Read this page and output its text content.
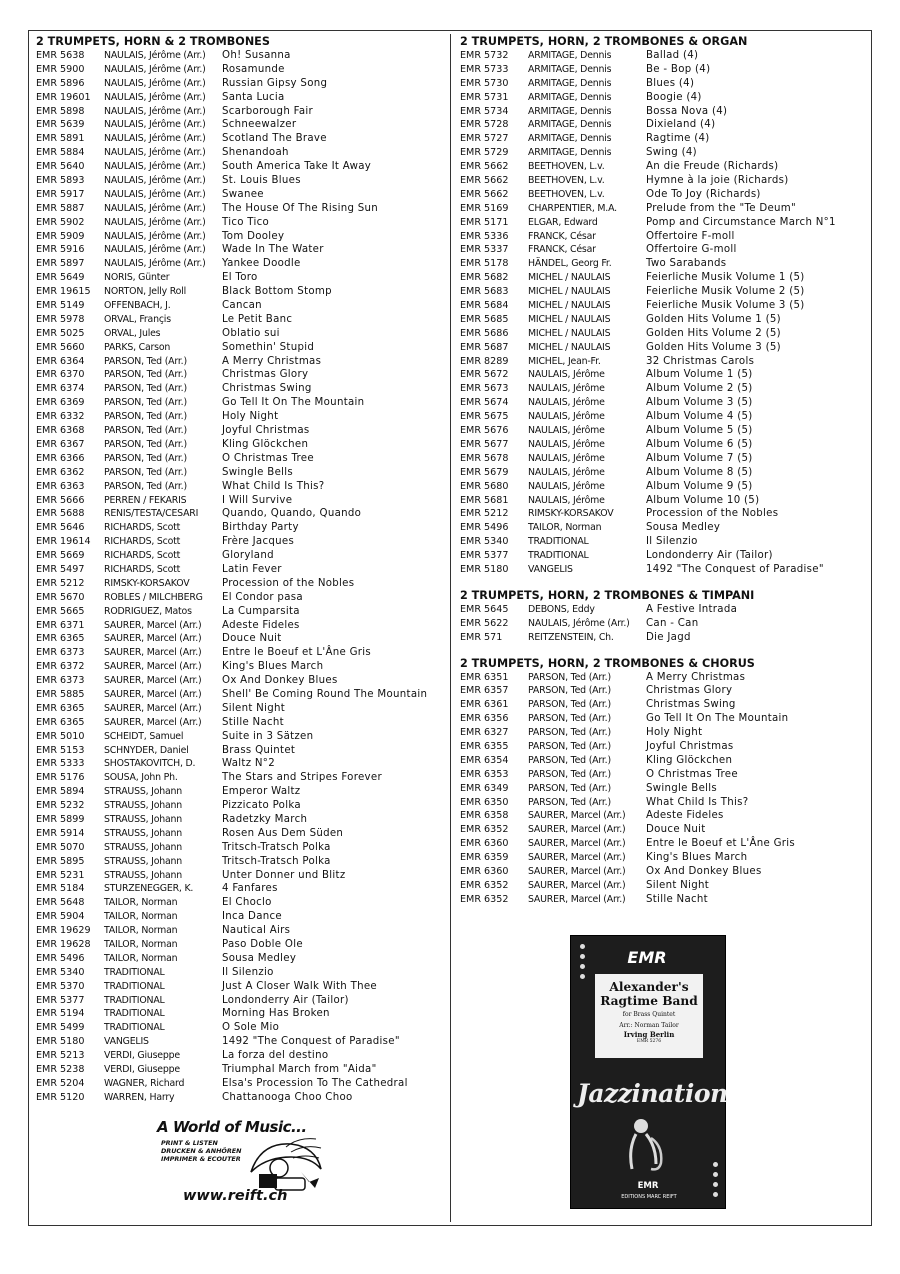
2 TRUMPETS, HORN & 2 TROMBONES
EMR 5638	NAULAIS, Jérôme (Arr.)	Oh! Susanna
EMR 5900	NAULAIS, Jérôme (Arr.)	Rosamunde
EMR 5896	NAULAIS, Jérôme (Arr.)	Russian Gipsy Song
EMR 19601	NAULAIS, Jérôme (Arr.)	Santa Lucia
EMR 5898	NAULAIS, Jérôme (Arr.)	Scarborough Fair
EMR 5639	NAULAIS, Jérôme (Arr.)	Schneewalzer
EMR 5891	NAULAIS, Jérôme (Arr.)	Scotland The Brave
EMR 5884	NAULAIS, Jérôme (Arr.)	Shenandoah
EMR 5640	NAULAIS, Jérôme (Arr.)	South America Take It Away
EMR 5893	NAULAIS, Jérôme (Arr.)	St. Louis Blues
EMR 5917	NAULAIS, Jérôme (Arr.)	Swanee
EMR 5887	NAULAIS, Jérôme (Arr.)	The House Of The Rising Sun
EMR 5902	NAULAIS, Jérôme (Arr.)	Tico Tico
EMR 5909	NAULAIS, Jérôme (Arr.)	Tom Dooley
EMR 5916	NAULAIS, Jérôme (Arr.)	Wade In The Water
EMR 5897	NAULAIS, Jérôme (Arr.)	Yankee Doodle
EMR 5649	NORIS, Günter	El Toro
EMR 19615	NORTON, Jelly Roll	Black Bottom Stomp
EMR 5149	OFFENBACH, J.	Cancan
EMR 5978	ORVAL, Françis	Le Petit Banc
EMR 5025	ORVAL, Jules	Oblatio sui
EMR 5660	PARKS, Carson	Somethin' Stupid
EMR 6364	PARSON, Ted (Arr.)	A Merry Christmas
EMR 6370	PARSON, Ted (Arr.)	Christmas Glory
EMR 6374	PARSON, Ted (Arr.)	Christmas Swing
EMR 6369	PARSON, Ted (Arr.)	Go Tell It On The Mountain
EMR 6332	PARSON, Ted (Arr.)	Holy Night
EMR 6368	PARSON, Ted (Arr.)	Joyful Christmas
EMR 6367	PARSON, Ted (Arr.)	Kling Glöckchen
EMR 6366	PARSON, Ted (Arr.)	O Christmas Tree
EMR 6362	PARSON, Ted (Arr.)	Swingle Bells
EMR 6363	PARSON, Ted (Arr.)	What Child Is This?
EMR 5666	PERREN / FEKARIS	I Will Survive
EMR 5688	RENIS/TESTA/CESARI	Quando, Quando, Quando
EMR 5646	RICHARDS, Scott	Birthday Party
EMR 19614	RICHARDS, Scott	Frère Jacques
EMR 5669	RICHARDS, Scott	Gloryland
EMR 5497	RICHARDS, Scott	Latin Fever
EMR 5212	RIMSKY-KORSAKOV	Procession of the Nobles
EMR 5670	ROBLES / MILCHBERG	El Condor pasa
EMR 5665	RODRIGUEZ, Matos	La Cumparsita
EMR 6371	SAURER, Marcel (Arr.)	Adeste Fideles
EMR 6365	SAURER, Marcel (Arr.)	Douce Nuit
EMR 6373	SAURER, Marcel (Arr.)	Entre le Boeuf et L'Âne Gris
EMR 6372	SAURER, Marcel (Arr.)	King's Blues March
EMR 6373	SAURER, Marcel (Arr.)	Ox And Donkey Blues
EMR 5885	SAURER, Marcel (Arr.)	Shell' Be Coming Round The Mountain
EMR 6365	SAURER, Marcel (Arr.)	Silent Night
EMR 6365	SAURER, Marcel (Arr.)	Stille Nacht
EMR 5010	SCHEIDT, Samuel	Suite in 3 Sätzen
EMR 5153	SCHNYDER, Daniel	Brass Quintet
EMR 5333	SHOSTAKOVITCH, D.	Waltz N°2
EMR 5176	SOUSA, John Ph.	The Stars and Stripes Forever
EMR 5894	STRAUSS, Johann	Emperor Waltz
EMR 5232	STRAUSS, Johann	Pizzicato Polka
EMR 5899	STRAUSS, Johann	Radetzky March
EMR 5914	STRAUSS, Johann	Rosen Aus Dem Süden
EMR 5070	STRAUSS, Johann	Tritsch-Tratsch Polka
EMR 5895	STRAUSS, Johann	Tritsch-Tratsch Polka
EMR 5231	STRAUSS, Johann	Unter Donner und Blitz
EMR 5184	STURZENEGGER, K.	4 Fanfares
EMR 5648	TAILOR, Norman	El Choclo
EMR 5904	TAILOR, Norman	Inca Dance
EMR 19629	TAILOR, Norman	Nautical Airs
EMR 19628	TAILOR, Norman	Paso Doble Ole
EMR 5496	TAILOR, Norman	Sousa Medley
EMR 5340	TRADITIONAL	Il Silenzio
EMR 5370	TRADITIONAL	Just A Closer Walk With Thee
EMR 5377	TRADITIONAL	Londonderry Air (Tailor)
EMR 5194	TRADITIONAL	Morning Has Broken
EMR 5499	TRADITIONAL	O Sole Mio
EMR 5180	VANGELIS	1492 "The Conquest of Paradise"
EMR 5213	VERDI, Giuseppe	La forza del destino
EMR 5238	VERDI, Giuseppe	Triumphal March from "Aida"
EMR 5204	WAGNER, Richard	Elsa's Procession To The Cathedral
EMR 5120	WARREN, Harry	Chattanooga Choo Choo
2 TRUMPETS, HORN, 2 TROMBONES & ORGAN
EMR 5732	ARMITAGE, Dennis	Ballad (4)
EMR 5733	ARMITAGE, Dennis	Be - Bop (4)
EMR 5730	ARMITAGE, Dennis	Blues (4)
EMR 5731	ARMITAGE, Dennis	Boogie (4)
EMR 5734	ARMITAGE, Dennis	Bossa Nova (4)
EMR 5728	ARMITAGE, Dennis	Dixieland (4)
EMR 5727	ARMITAGE, Dennis	Ragtime (4)
EMR 5729	ARMITAGE, Dennis	Swing (4)
EMR 5662	BEETHOVEN, L.v.	An die Freude (Richards)
EMR 5662	BEETHOVEN, L.v.	Hymne à la joie (Richards)
EMR 5662	BEETHOVEN, L.v.	Ode To Joy (Richards)
EMR 5169	CHARPENTIER, M.A.	Prelude from the "Te Deum"
EMR 5171	ELGAR, Edward	Pomp and Circumstance March N°1
EMR 5336	FRANCK, César	Offertoire F-moll
EMR 5337	FRANCK, César	Offertoire G-moll
EMR 5178	HÄNDEL, Georg Fr.	Two Sarabands
EMR 5682	MICHEL / NAULAIS	Feierliche Musik Volume 1 (5)
EMR 5683	MICHEL / NAULAIS	Feierliche Musik Volume 2 (5)
EMR 5684	MICHEL / NAULAIS	Feierliche Musik Volume 3 (5)
EMR 5685	MICHEL / NAULAIS	Golden Hits Volume 1 (5)
EMR 5686	MICHEL / NAULAIS	Golden Hits Volume 2 (5)
EMR 5687	MICHEL / NAULAIS	Golden Hits Volume 3 (5)
EMR 8289	MICHEL, Jean-Fr.	32 Christmas Carols
EMR 5672	NAULAIS, Jérôme	Album Volume 1 (5)
EMR 5673	NAULAIS, Jérôme	Album Volume 2 (5)
EMR 5674	NAULAIS, Jérôme	Album Volume 3 (5)
EMR 5675	NAULAIS, Jérôme	Album Volume 4 (5)
EMR 5676	NAULAIS, Jérôme	Album Volume 5 (5)
EMR 5677	NAULAIS, Jérôme	Album Volume 6 (5)
EMR 5678	NAULAIS, Jérôme	Album Volume 7 (5)
EMR 5679	NAULAIS, Jérôme	Album Volume 8 (5)
EMR 5680	NAULAIS, Jérôme	Album Volume 9 (5)
EMR 5681	NAULAIS, Jérôme	Album Volume 10 (5)
EMR 5212	RIMSKY-KORSAKOV	Procession of the Nobles
EMR 5496	TAILOR, Norman	Sousa Medley
EMR 5340	TRADITIONAL	Il Silenzio
EMR 5377	TRADITIONAL	Londonderry Air (Tailor)
EMR 5180	VANGELIS	1492 "The Conquest of Paradise"
2 TRUMPETS, HORN, 2 TROMBONES & TIMPANI
EMR 5645	DEBONS, Eddy	A Festive Intrada
EMR 5622	NAULAIS, Jérôme (Arr.)	Can - Can
EMR 571	REITZENSTEIN, Ch.	Die Jagd
2 TRUMPETS, HORN, 2 TROMBONES & CHORUS
EMR 6351	PARSON, Ted (Arr.)	A Merry Christmas
EMR 6357	PARSON, Ted (Arr.)	Christmas Glory
EMR 6361	PARSON, Ted (Arr.)	Christmas Swing
EMR 6356	PARSON, Ted (Arr.)	Go Tell It On The Mountain
EMR 6327	PARSON, Ted (Arr.)	Holy Night
EMR 6355	PARSON, Ted (Arr.)	Joyful Christmas
EMR 6354	PARSON, Ted (Arr.)	Kling Glöckchen
EMR 6353	PARSON, Ted (Arr.)	O Christmas Tree
EMR 6349	PARSON, Ted (Arr.)	Swingle Bells
EMR 6350	PARSON, Ted (Arr.)	What Child Is This?
EMR 6358	SAURER, Marcel (Arr.)	Adeste Fideles
EMR 6352	SAURER, Marcel (Arr.)	Douce Nuit
EMR 6360	SAURER, Marcel (Arr.)	Entre le Boeuf et L'Âne Gris
EMR 6359	SAURER, Marcel (Arr.)	King's Blues March
EMR 6360	SAURER, Marcel (Arr.)	Ox And Donkey Blues
EMR 6352	SAURER, Marcel (Arr.)	Silent Night
EMR 6352	SAURER, Marcel (Arr.)	Stille Nacht
A World of Music...
PRINT & LISTEN
DRUCKEN & ANHÖREN
IMPRIMER & ECOUTER
www.reift.ch
EMR
Alexander's Ragtime Band
for Brass Quintet
Arr.: Norman Tailor
Irving Berlin
EMR 5276
Jazzination
EMR
EDITIONS MARC REIFT
